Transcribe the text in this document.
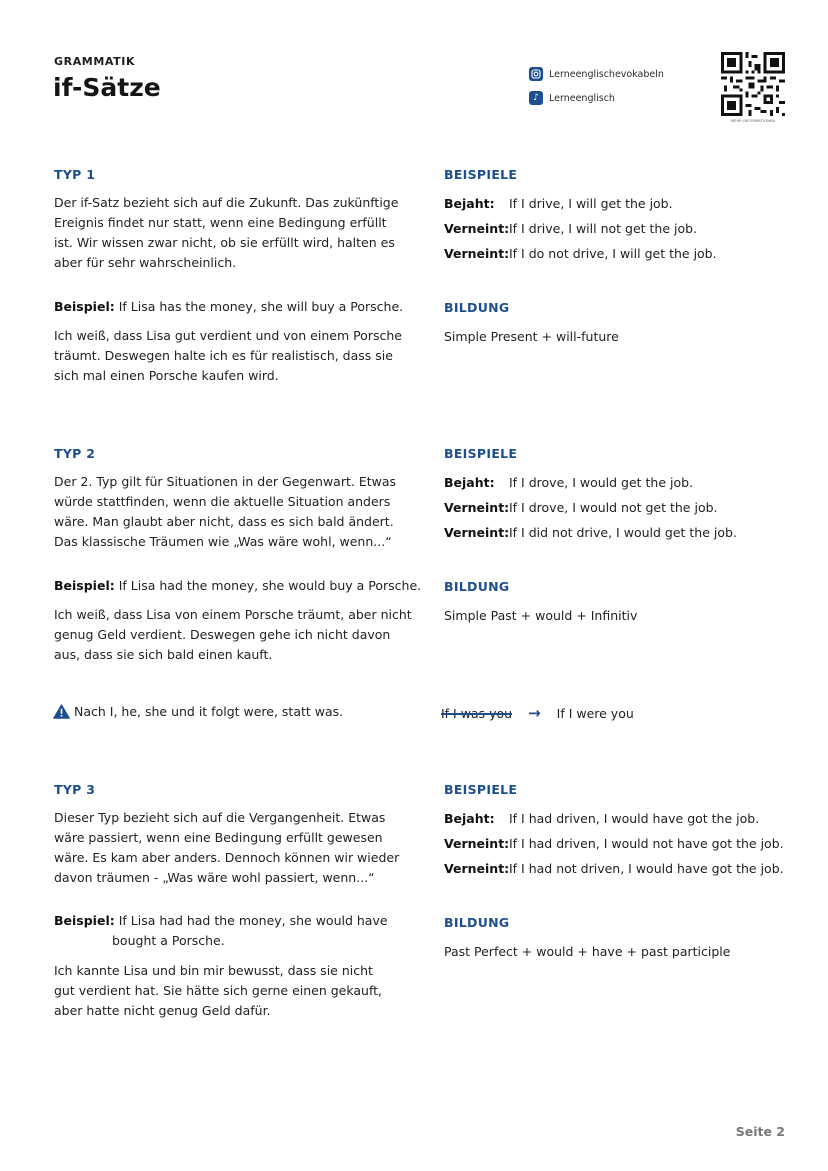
GRAMMATIK
if-Sätze	Lerneenglischevokabeln
♪	Lerneenglisch
MEHR INFORMATIONEN
TYP 1
Der if-Satz bezieht sich auf die Zukunft. Das zukünftige
Ereignis findet nur statt, wenn eine Bedingung erfüllt
ist. Wir wissen zwar nicht, ob sie erfüllt wird, halten es
aber für sehr wahrscheinlich.
Beispiel: If Lisa has the money, she will buy a Porsche.
Ich weiß, dass Lisa gut verdient und von einem Porsche
träumt. Deswegen halte ich es für realistisch, dass sie
sich mal einen Porsche kaufen wird.
BEISPIELE
Bejaht:	If I drive, I will get the job.
Verneint: If I drive, I will not get the job.
Verneint: If I do not drive, I will get the job.
BILDUNG
Simple Present + will-future
TYP 2
Der 2. Typ gilt für Situationen in der Gegenwart. Etwas
würde stattfinden, wenn die aktuelle Situation anders
wäre. Man glaubt aber nicht, dass es sich bald ändert.
Das klassische Träumen wie „Was wäre wohl, wenn...“
Beispiel: If Lisa had the money, she would buy a Porsche.
Ich weiß, dass Lisa von einem Porsche träumt, aber nicht
genug Geld verdient. Deswegen gehe ich nicht davon
aus, dass sie sich bald einen kauft.
BEISPIELE
Bejaht:	If I drove, I would get the job.
Verneint: If I drove, I would not get the job.
Verneint: If I did not drive, I would get the job.
BILDUNG
Simple Past + would + Infinitiv
Nach I, he, she und it folgt were, statt was.	If I was you → If I were you
TYP 3
Dieser Typ bezieht sich auf die Vergangenheit. Etwas
wäre passiert, wenn eine Bedingung erfüllt gewesen
wäre. Es kam aber anders. Dennoch können wir wieder
davon träumen - „Was wäre wohl passiert, wenn...“
Beispiel: If Lisa had had the money, she would have
bought a Porsche.
Ich kannte Lisa und bin mir bewusst, dass sie nicht
gut verdient hat. Sie hätte sich gerne einen gekauft,
aber hatte nicht genug Geld dafür.
BEISPIELE
Bejaht:	If I had driven, I would have got the job.
Verneint: If I had driven, I would not have got the job.
Verneint: If I had not driven, I would have got the job.
BILDUNG
Past Perfect + would + have + past participle
Seite 2
